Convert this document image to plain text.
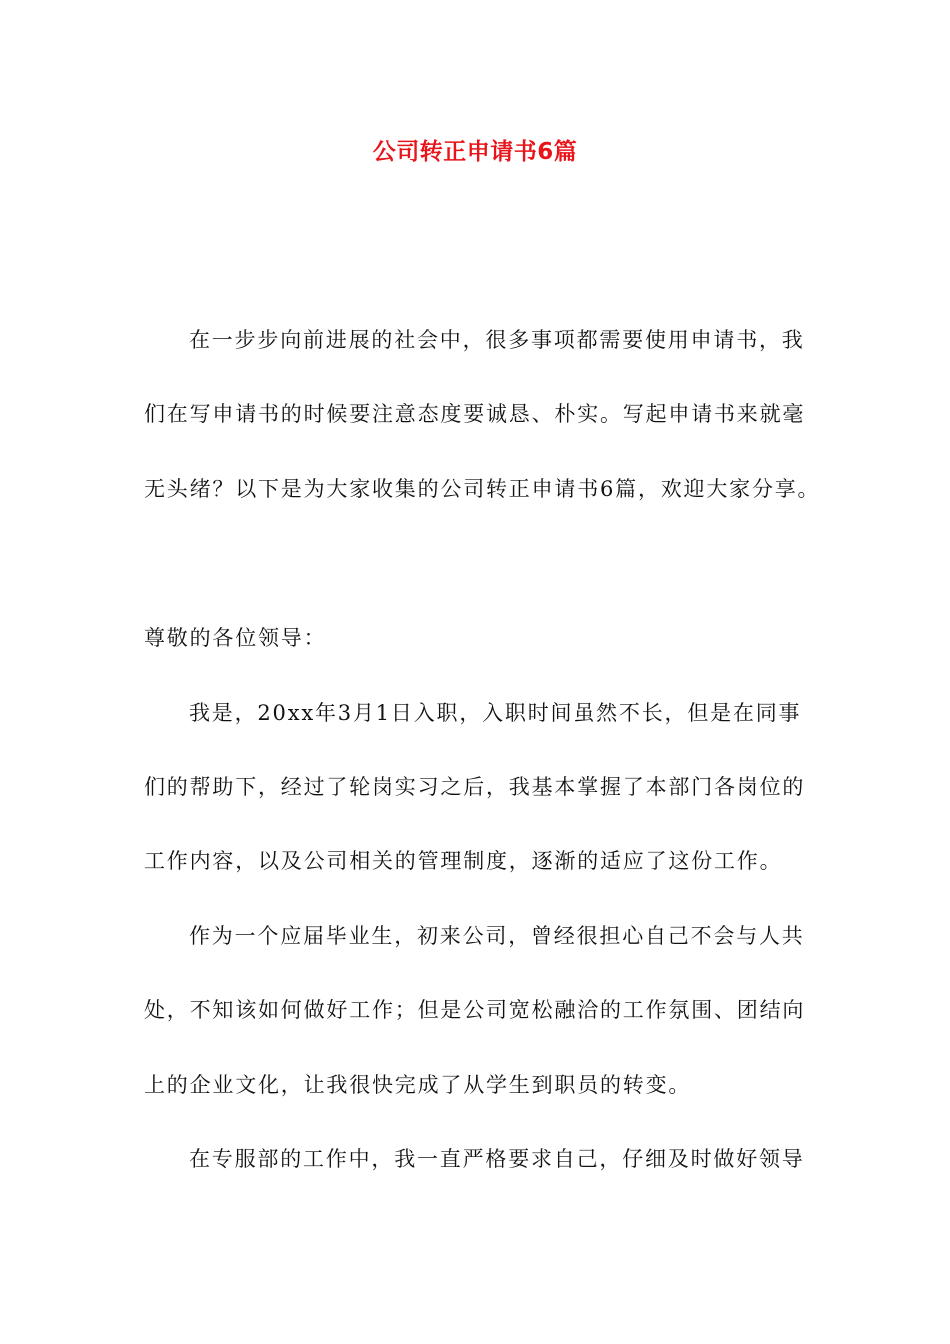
公司转正申请书6篇
在一步步向前进展的社会中，很多事项都需要使用申请书，我
们在写申请书的时候要注意态度要诚恳、朴实。写起申请书来就毫
无头绪？以下是为大家收集的公司转正申请书6篇，欢迎大家分享。
尊敬的各位领导：
我是，20xx年3月1日入职，入职时间虽然不长，但是在同事
们的帮助下，经过了轮岗实习之后，我基本掌握了本部门各岗位的
工作内容，以及公司相关的管理制度，逐渐的适应了这份工作。
作为一个应届毕业生，初来公司，曾经很担心自己不会与人共
处，不知该如何做好工作；但是公司宽松融洽的工作氛围、团结向
上的企业文化，让我很快完成了从学生到职员的转变。
在专服部的工作中，我一直严格要求自己，仔细及时做好领导
